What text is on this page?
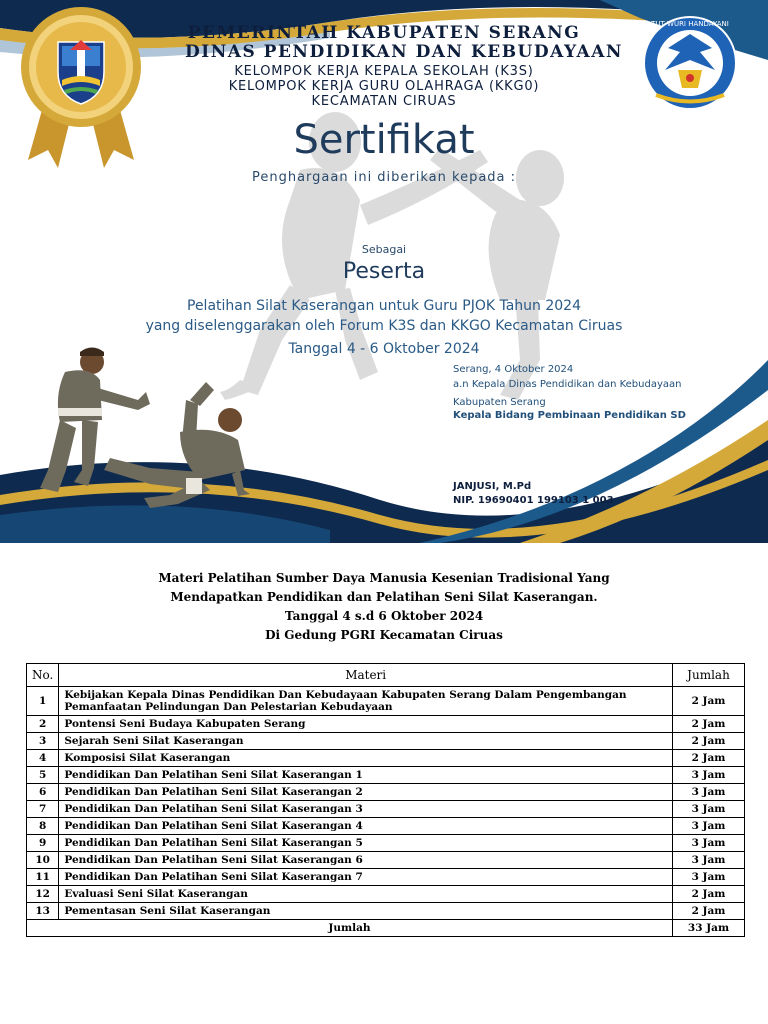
TUT WURI HANDAYANI
PEMERINTAH KABUPATEN SERANG
DINAS PENDIDIKAN DAN KEBUDAYAAN
KELOMPOK KERJA KEPALA SEKOLAH (K3S)
KELOMPOK KERJA GURU OLAHRAGA (KKG0)
KECAMATAN CIRUAS
Sertifikat
Penghargaan ini diberikan kepada :
Sebagai
Peserta
Pelatihan Silat Kaserangan untuk Guru PJOK Tahun 2024
yang diselenggarakan oleh Forum K3S dan KKGO Kecamatan Ciruas
Tanggal 4 - 6 Oktober 2024
Serang, 4 Oktober 2024
a.n Kepala Dinas Pendidikan dan Kebudayaan
Kabupaten Serang
Kepala Bidang Pembinaan Pendidikan SD
JANJUSI, M.Pd
NIP. 19690401 199103 1 003
Materi Pelatihan Sumber Daya Manusia Kesenian Tradisional Yang
Mendapatkan Pendidikan dan Pelatihan Seni Silat Kaserangan.
Tanggal 4 s.d 6 Oktober 2024
Di Gedung PGRI Kecamatan Ciruas
No.	Materi	Jumlah
1	Kebijakan Kepala Dinas Pendidikan Dan Kebudayaan Kabupaten Serang Dalam Pengembangan Pemanfaatan Pelindungan Dan Pelestarian Kebudayaan	2 Jam
2	Pontensi Seni Budaya Kabupaten Serang	2 Jam
3	Sejarah Seni Silat Kaserangan	2 Jam
4	Komposisi Silat Kaserangan	2 Jam
5	Pendidikan Dan Pelatihan Seni Silat Kaserangan 1	3 Jam
6	Pendidikan Dan Pelatihan Seni Silat Kaserangan 2	3 Jam
7	Pendidikan Dan Pelatihan Seni Silat Kaserangan 3	3 Jam
8	Pendidikan Dan Pelatihan Seni Silat Kaserangan 4	3 Jam
9	Pendidikan Dan Pelatihan Seni Silat Kaserangan 5	3 Jam
10	Pendidikan Dan Pelatihan Seni Silat Kaserangan 6	3 Jam
11	Pendidikan Dan Pelatihan Seni Silat Kaserangan 7	3 Jam
12	Evaluasi Seni Silat Kaserangan	2 Jam
13	Pementasan Seni Silat Kaserangan	2 Jam
Jumlah		33 Jam
